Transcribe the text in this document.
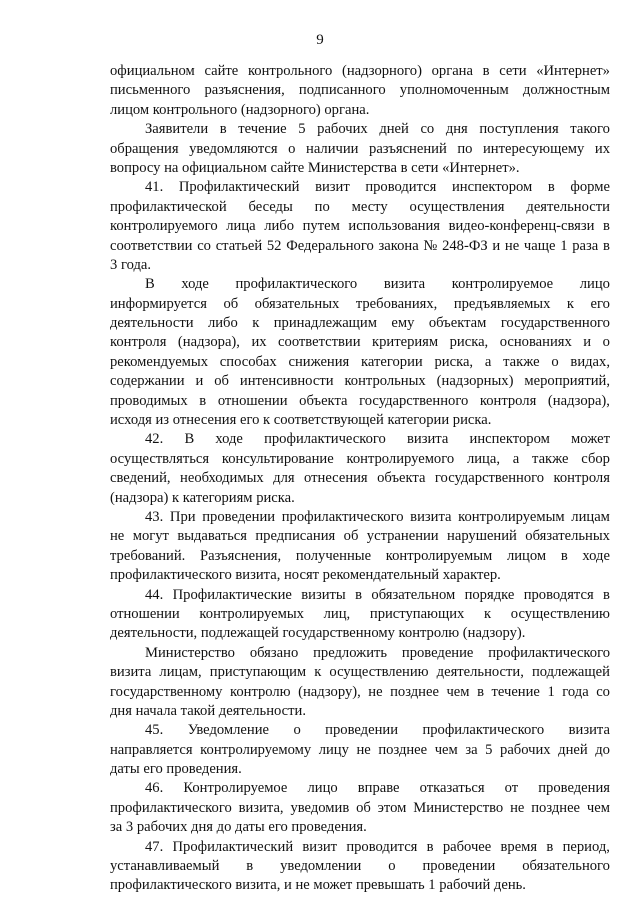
9
официальном сайте контрольного (надзорного) органа в сети «Интернет»
письменного разъяснения, подписанного уполномоченным должностным
лицом контрольного (надзорного) органа.
Заявители в течение 5 рабочих дней со дня поступления такого
обращения уведомляются о наличии разъяснений по интересующему их
вопросу на официальном сайте Министерства в сети «Интернет».
41. Профилактический визит проводится инспектором в форме
профилактической беседы по месту осуществления деятельности
контролируемого лица либо путем использования видео-конференц-связи в
соответствии со статьей 52 Федерального закона № 248-ФЗ и не чаще 1 раза в
3 года.
В ходе профилактического визита контролируемое лицо
информируется об обязательных требованиях, предъявляемых к его
деятельности либо к принадлежащим ему объектам государственного
контроля (надзора), их соответствии критериям риска, основаниях и о
рекомендуемых способах снижения категории риска, а также о видах,
содержании и об интенсивности контрольных (надзорных) мероприятий,
проводимых в отношении объекта государственного контроля (надзора),
исходя из отнесения его к соответствующей категории риска.
42. В ходе профилактического визита инспектором может
осуществляться консультирование контролируемого лица, а также сбор
сведений, необходимых для отнесения объекта государственного контроля
(надзора) к категориям риска.
43. При проведении профилактического визита контролируемым лицам
не могут выдаваться предписания об устранении нарушений обязательных
требований. Разъяснения, полученные контролируемым лицом в ходе
профилактического визита, носят рекомендательный характер.
44. Профилактические визиты в обязательном порядке проводятся в
отношении контролируемых лиц, приступающих к осуществлению
деятельности, подлежащей государственному контролю (надзору).
Министерство обязано предложить проведение профилактического
визита лицам, приступающим к осуществлению деятельности, подлежащей
государственному контролю (надзору), не позднее чем в течение 1 года со
дня начала такой деятельности.
45. Уведомление о проведении профилактического визита
направляется контролируемому лицу не позднее чем за 5 рабочих дней до
даты его проведения.
46. Контролируемое лицо вправе отказаться от проведения
профилактического визита, уведомив об этом Министерство не позднее чем
за 3 рабочих дня до даты его проведения.
47. Профилактический визит проводится в рабочее время в период,
устанавливаемый в уведомлении о проведении обязательного
профилактического визита, и не может превышать 1 рабочий день.
